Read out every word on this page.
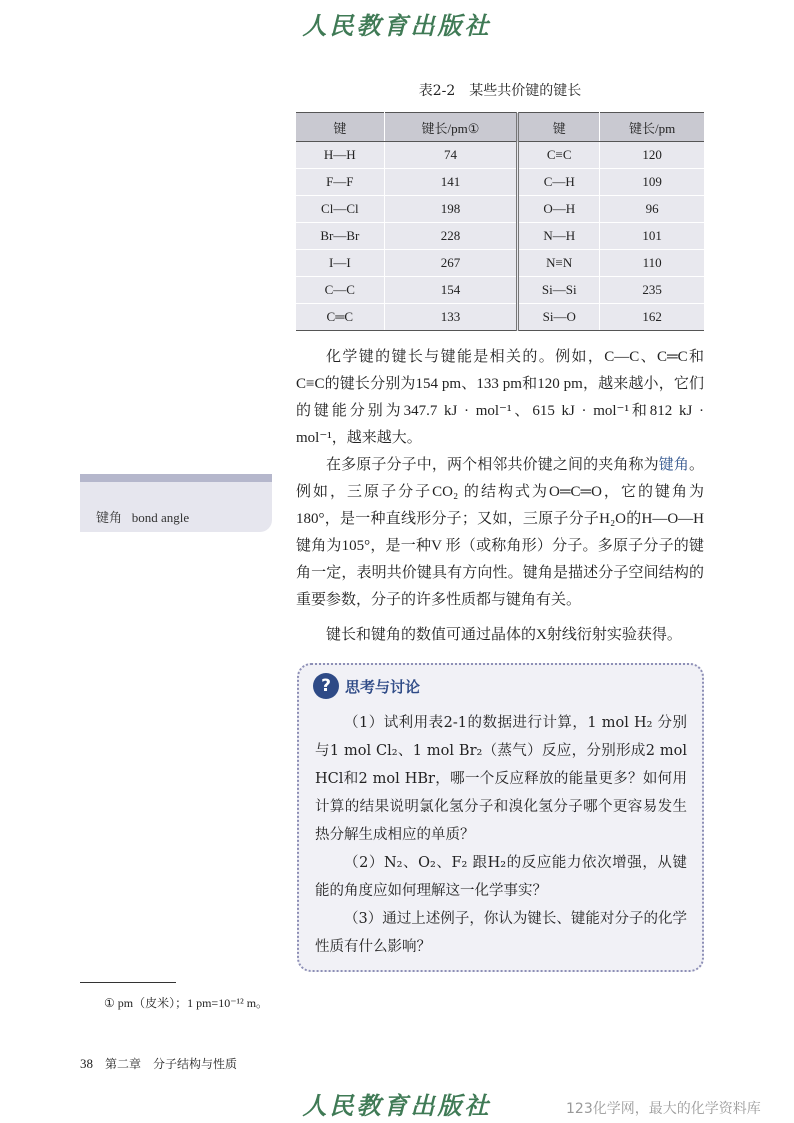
人民教育出版社
表2-2 某些共价键的键长
键	键长/pm①	键	键长/pm
H—H	74	C≡C	120
F—F	141	C—H	109
Cl—Cl	198	O—H	96
Br—Br	228	N—H	101
I—I	267	N≡N	110
C—C	154	Si—Si	235
C═C	133	Si—O	162
化学键的键长与键能是相关的。例如，C—C、C═C和C≡C的键长分别为154 pm、133 pm和120 pm，越来越小，它们的键能分别为347.7 kJ · mol⁻¹、615 kJ · mol⁻¹和812 kJ · mol⁻¹，越来越大。
在多原子分子中，两个相邻共价键之间的夹角称为键角。例如，三原子分子CO₂ 的结构式为O═C═O，它的键角为180°，是一种直线形分子；又如，三原子分子H₂O的H—O—H键角为105°，是一种V 形（或称角形）分子。多原子分子的键角一定，表明共价键具有方向性。键角是描述分子空间结构的重要参数，分子的许多性质都与键角有关。
键长和键角的数值可通过晶体的X射线衍射实验获得。
键角 bond angle
? 思考与讨论
（1）试利用表2-1的数据进行计算，1 mol H₂ 分别与1 mol Cl₂、1 mol Br₂（蒸气）反应，分别形成2 mol HCl和2 mol HBr，哪一个反应释放的能量更多？如何用计算的结果说明氯化氢分子和溴化氢分子哪个更容易发生热分解生成相应的单质？
（2）N₂、O₂、F₂ 跟H₂的反应能力依次增强，从键能的角度应如何理解这一化学事实？
（3）通过上述例子，你认为键长、键能对分子的化学性质有什么影响？
① pm（皮米）；1 pm=10⁻¹² m。
38 第二章　分子结构与性质
人民教育出版社	123化学网，最大的化学资料库
